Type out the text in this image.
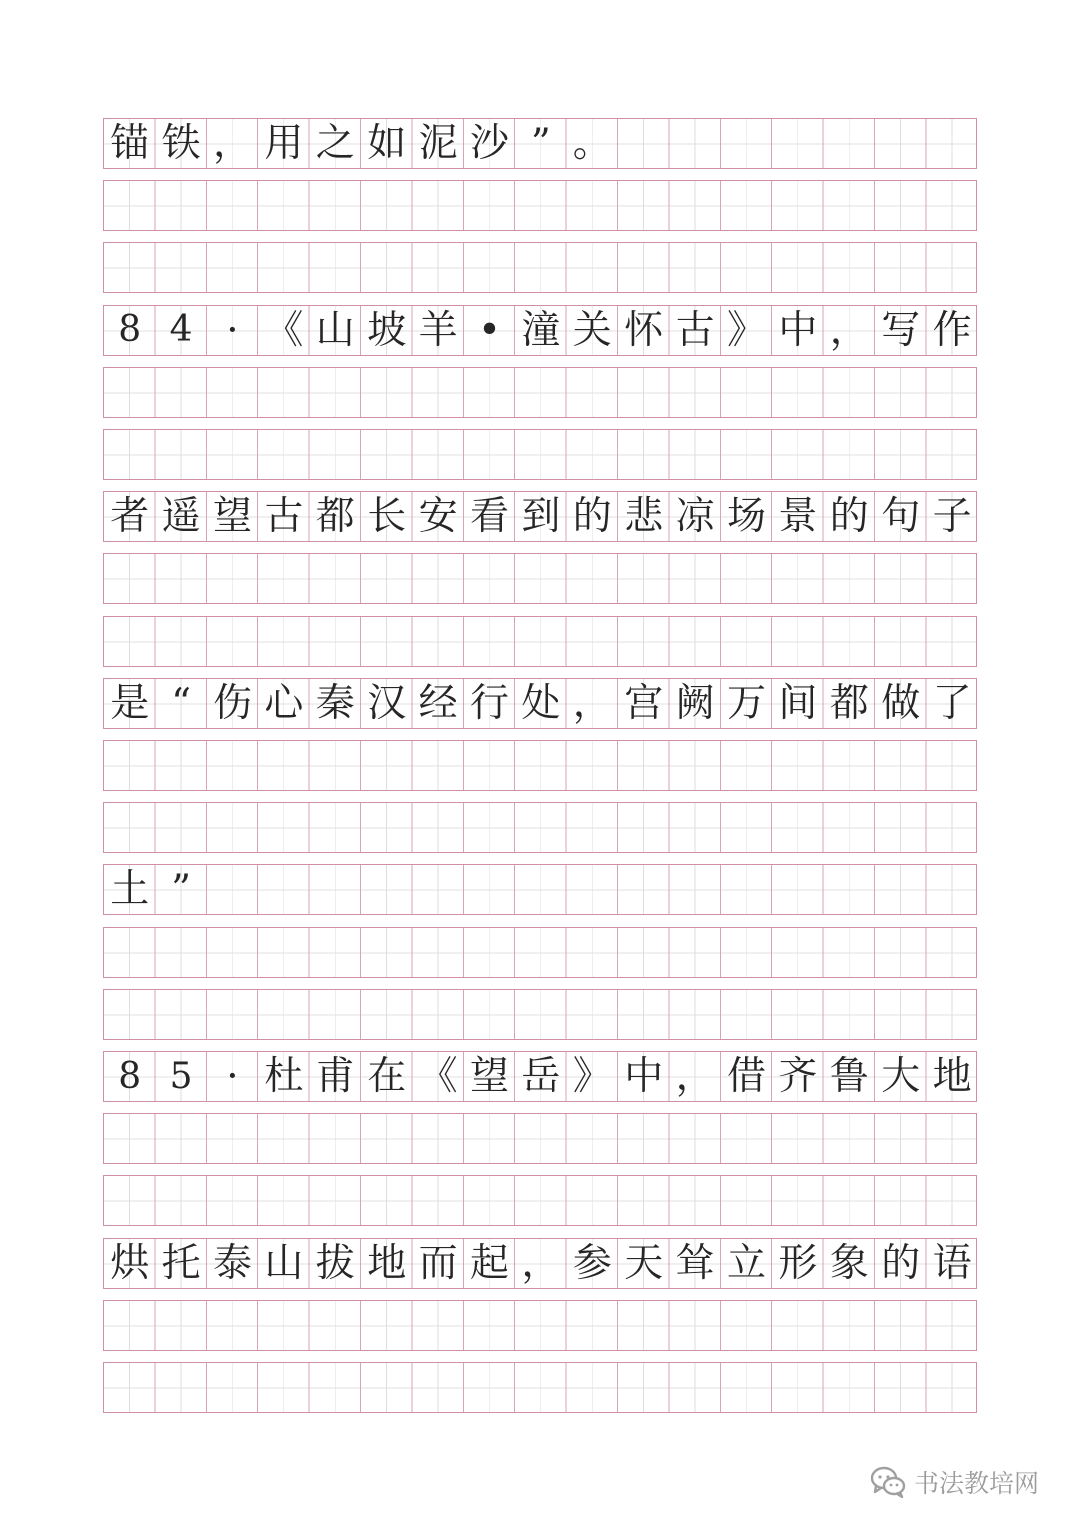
锚 铁 ， 用 之 如 泥 沙 ” 。
8 4 · 《 山 坡 羊 • 潼 关 怀 古 》 中 ， 写 作
者 遥 望 古 都 长 安 看 到 的 悲 凉 场 景 的 句 子
是 “ 伤 心 秦 汉 经 行 处 ， 宫 阙 万 间 都 做 了
土 ”
8 5 · 杜 甫 在 《 望 岳 》 中 ， 借 齐 鲁 大 地
烘 托 泰 山 拔 地 而 起 ， 参 天 耸 立 形 象 的 语
书法教培网
